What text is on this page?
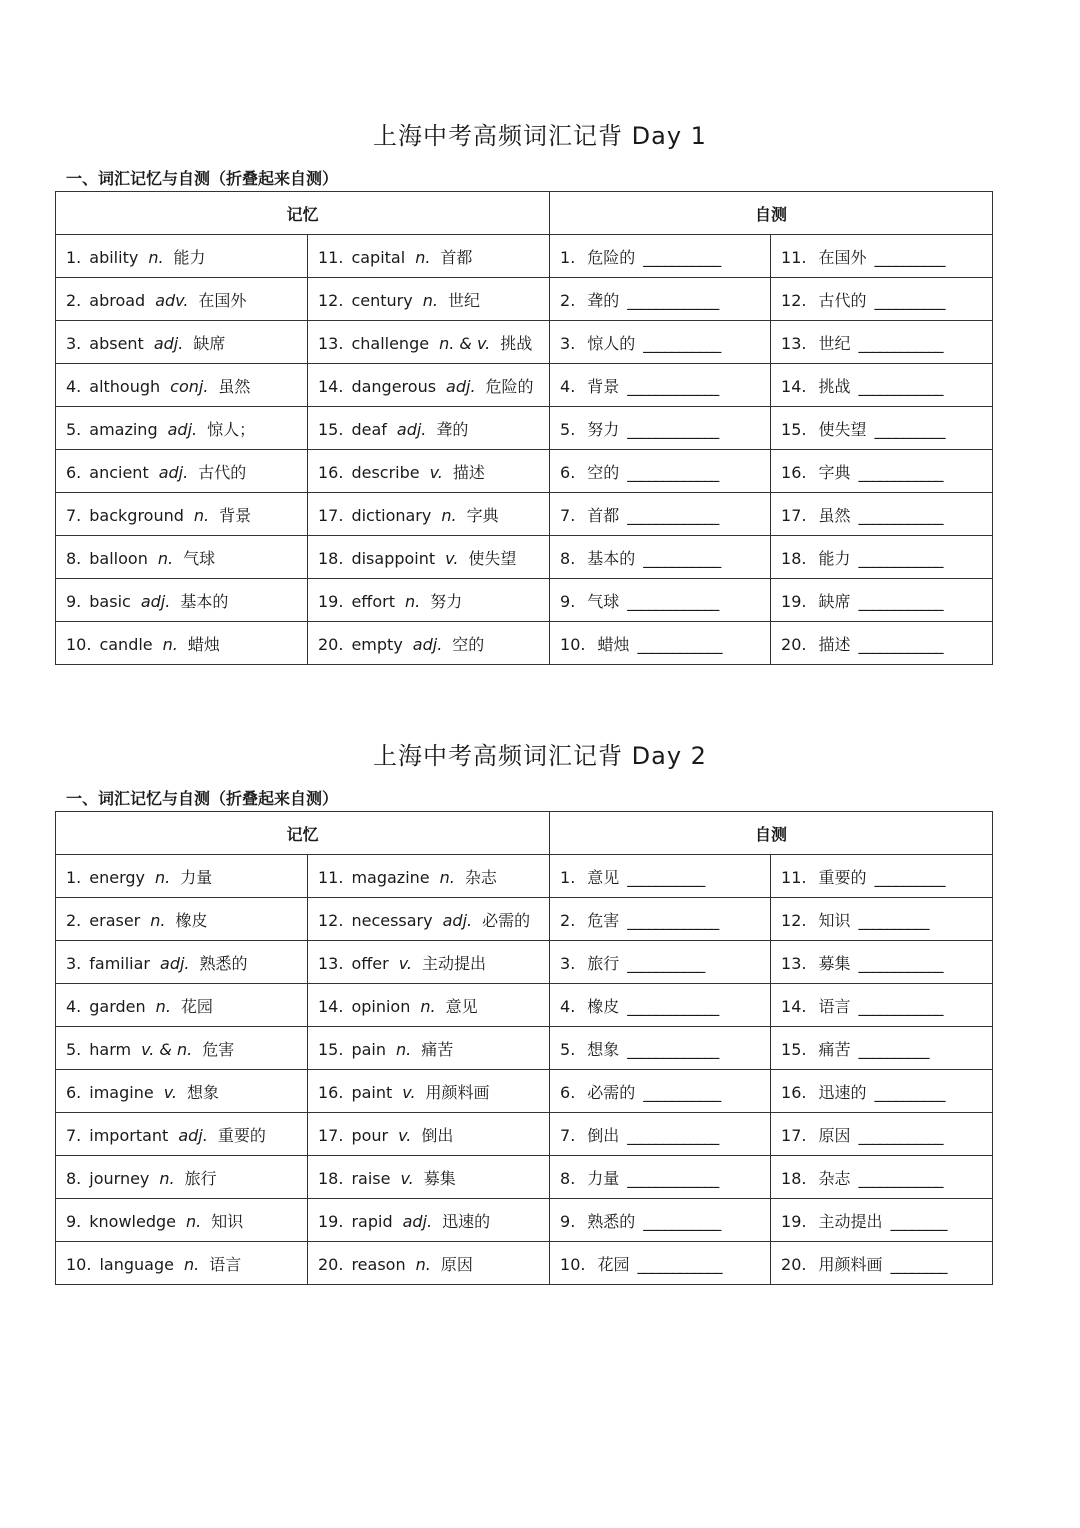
上海中考高频词汇记背 Day 1
一、词汇记忆与自测（折叠起来自测）
记忆		自测	
1. ability n. 能力	11. capital n. 首都	1. 危险的 ___________	11. 在国外 __________
2. abroad adv. 在国外	12. century n. 世纪	2. 聋的 _____________	12. 古代的 __________
3. absent adj. 缺席	13. challenge n. & v. 挑战	3. 惊人的 ___________	13. 世纪 ____________
4. although conj. 虽然	14. dangerous adj. 危险的	4. 背景 _____________	14. 挑战 ____________
5. amazing adj. 惊人；	15. deaf adj. 聋的	5. 努力 _____________	15. 使失望 __________
6. ancient adj. 古代的	16. describe v. 描述	6. 空的 _____________	16. 字典 ____________
7. background n. 背景	17. dictionary n. 字典	7. 首都 _____________	17. 虽然 ____________
8. balloon n. 气球	18. disappoint v. 使失望	8. 基本的 ___________	18. 能力 ____________
9. basic adj. 基本的	19. effort n. 努力	9. 气球 _____________	19. 缺席 ____________
10. candle n. 蜡烛	20. empty adj. 空的	10. 蜡烛 ____________	20. 描述 ____________
上海中考高频词汇记背 Day 2
一、词汇记忆与自测（折叠起来自测）
记忆		自测	
1. energy n. 力量	11. magazine n. 杂志	1. 意见 ___________	11. 重要的 __________
2. eraser n. 橡皮	12. necessary adj. 必需的	2. 危害 _____________	12. 知识 __________
3. familiar adj. 熟悉的	13. offer v. 主动提出	3. 旅行 ___________	13. 募集 ____________
4. garden n. 花园	14. opinion n. 意见	4. 橡皮 _____________	14. 语言 ____________
5. harm v. & n. 危害	15. pain n. 痛苦	5. 想象 _____________	15. 痛苦 __________
6. imagine v. 想象	16. paint v. 用颜料画	6. 必需的 ___________	16. 迅速的 __________
7. important adj. 重要的	17. pour v. 倒出	7. 倒出 _____________	17. 原因 ____________
8. journey n. 旅行	18. raise v. 募集	8. 力量 _____________	18. 杂志 ____________
9. knowledge n. 知识	19. rapid adj. 迅速的	9. 熟悉的 ___________	19. 主动提出 ________
10. language n. 语言	20. reason n. 原因	10. 花园 ____________	20. 用颜料画 ________
